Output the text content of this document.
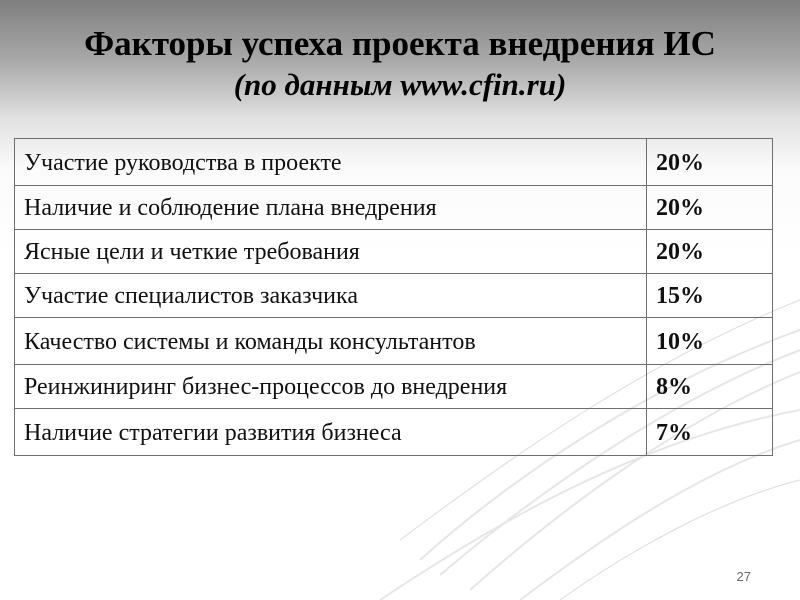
Факторы успеха проекта внедрения ИС
(по данным www.cfin.ru)
Участие руководства в проекте	20%
Наличие и соблюдение плана внедрения	20%
Ясные цели и четкие требования	20%
Участие специалистов заказчика	15%
Качество системы и команды консультантов	10%
Реинжиниринг бизнес-процессов до внедрения	8%
Наличие стратегии развития бизнеса	7%
27
